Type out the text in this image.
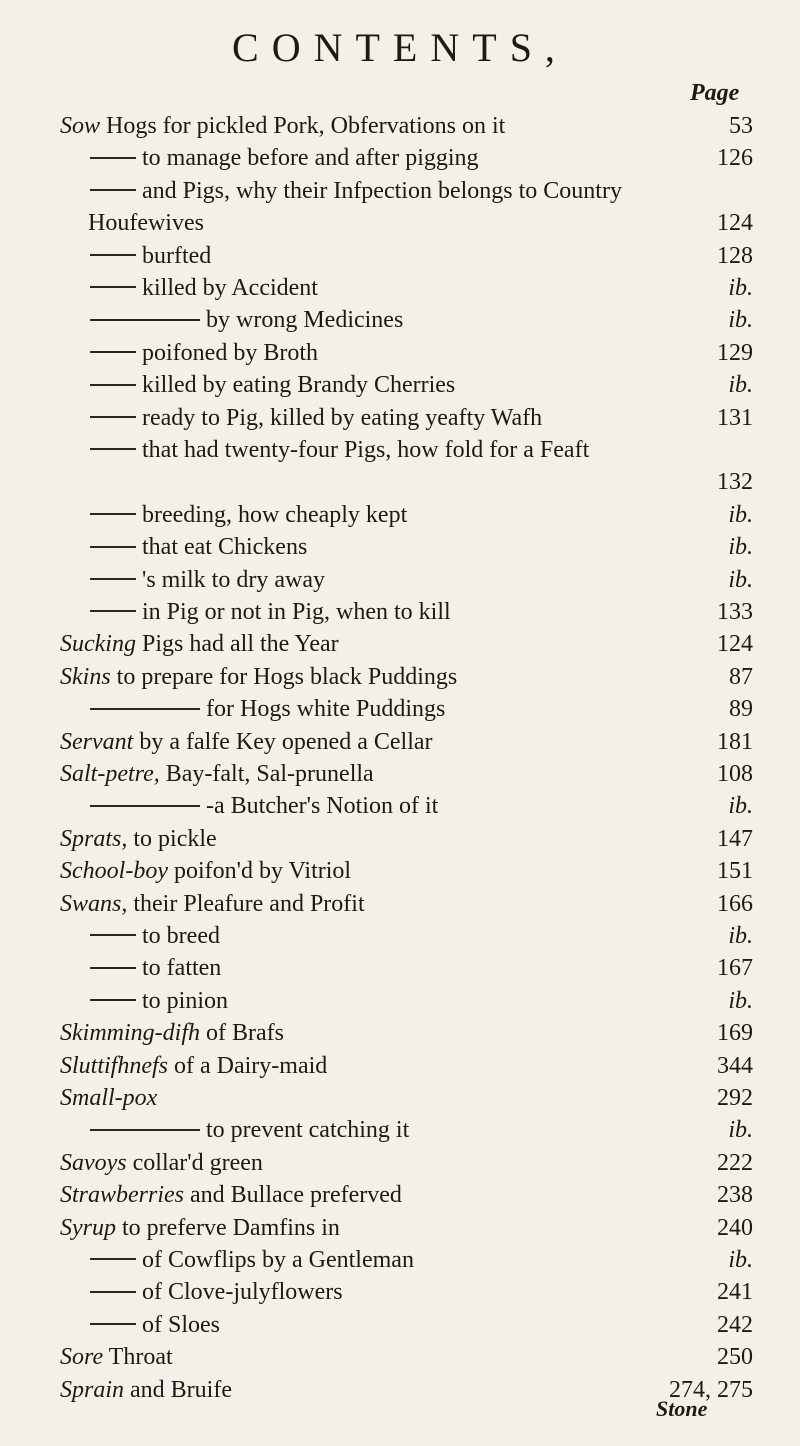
CONTENTS,
Page
Sow Hogs for pickled Pork, Obfervations on it	53
to manage before and after pigging	126
and Pigs, why their Infpection belongs to Country
Houfewives	124
burfted	128
killed by Accident	ib.
by wrong Medicines	ib.
poifoned by Broth	129
killed by eating Brandy Cherries	ib.
ready to Pig, killed by eating yeafty Wafh	131
that had twenty-four Pigs, how fold for a Feaft
132
breeding, how cheaply kept	ib.
that eat Chickens	ib.
's milk to dry away	ib.
in Pig or not in Pig, when to kill	133
Sucking Pigs had all the Year	124
Skins to prepare for Hogs black Puddings	87
for Hogs white Puddings	89
Servant by a falfe Key opened a Cellar	181
Salt-petre, Bay-falt, Sal-prunella	108
-a Butcher's Notion of it	ib.
Sprats, to pickle	147
School-boy poifon'd by Vitriol	151
Swans, their Pleafure and Profit	166
to breed	ib.
to fatten	167
to pinion	ib.
Skimming-difh of Brafs	169
Sluttifhnefs of a Dairy-maid	344
Small-pox	292
to prevent catching it	ib.
Savoys collar'd green	222
Strawberries and Bullace preferved	238
Syrup to preferve Damfins in	240
of Cowflips by a Gentleman	ib.
of Clove-julyflowers	241
of Sloes	242
Sore Throat	250
Sprain and Bruife	274, 275
Stone
